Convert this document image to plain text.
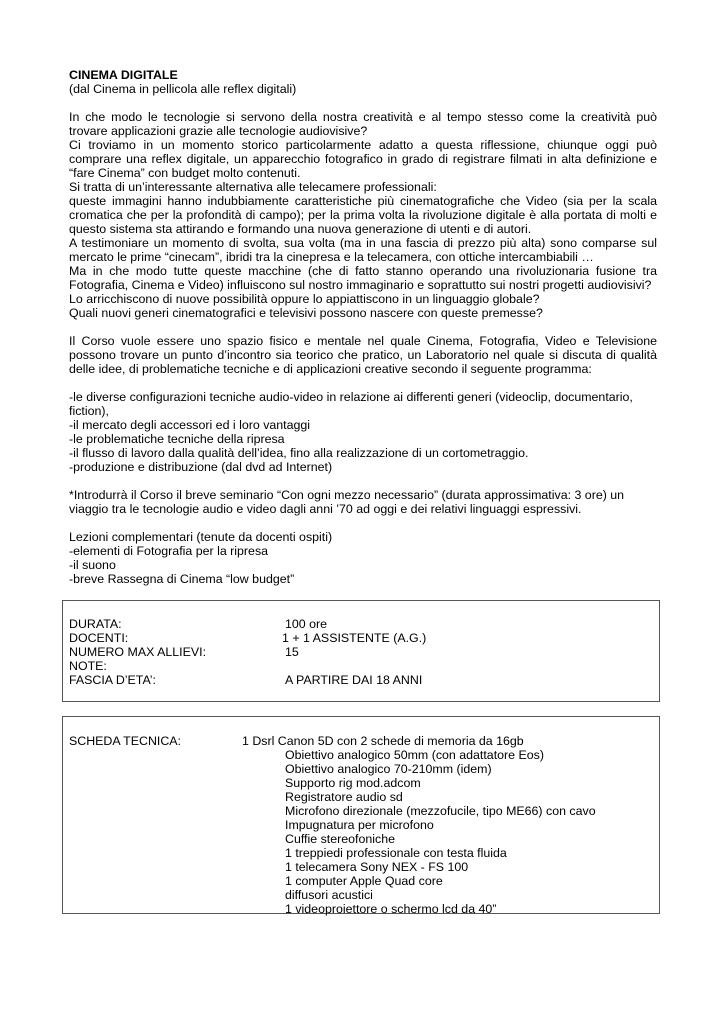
CINEMA DIGITALE

(dal Cinema in pellicola alle reflex digitali)

In che modo le tecnologie si servono della nostra creatività e al tempo stesso come la creatività può trovare applicazioni grazie alle tecnologie audiovisive?

Ci troviamo in un momento storico particolarmente adatto a questa riflessione, chiunque oggi può comprare una reflex digitale, un apparecchio fotografico in grado di registrare filmati in alta definizione e “fare Cinema” con budget molto contenuti.

Si tratta di un’interessante alternativa alle telecamere professionali:

queste immagini hanno indubbiamente caratteristiche più cinematografiche che Video (sia per la scala cromatica che per la profondità di campo); per la prima volta la rivoluzione digitale è alla portata di molti e questo sistema sta attirando e formando una nuova generazione di utenti e di autori.

A testimoniare un momento di svolta, sua volta (ma in una fascia di prezzo più alta) sono comparse sul mercato le prime “cinecam”, ibridi tra la cinepresa e la telecamera, con ottiche intercambiabili …

Ma in che modo tutte queste macchine (che di fatto stanno operando una rivoluzionaria fusione tra Fotografia, Cinema e Video) influiscono sul nostro immaginario e soprattutto sui nostri progetti audiovisivi?

Lo arricchiscono di nuove possibilità oppure lo appiattiscono in un linguaggio globale?

Quali nuovi generi cinematografici e televisivi possono nascere con queste premesse?

Il Corso vuole essere uno spazio fisico e mentale nel quale Cinema, Fotografia, Video e Televisione possono trovare un punto d’incontro sia teorico che pratico, un Laboratorio nel quale si discuta di qualità delle idee, di problematiche tecniche e di applicazioni creative secondo il seguente programma:

-le diverse configurazioni tecniche audio-video in relazione ai differenti generi (videoclip, documentario, fiction),

-il mercato degli accessori ed i loro vantaggi

-le problematiche tecniche della ripresa

-il flusso di lavoro dalla qualità dell’idea, fino alla realizzazione di un cortometraggio.

-produzione e distribuzione (dal dvd ad Internet)

*Introdurrà il Corso il breve seminario “Con ogni mezzo necessario” (durata approssimativa: 3 ore) un viaggio tra le tecnologie audio e video dagli anni ’70 ad oggi e dei relativi linguaggi espressivi.

Lezioni complementari (tenute da docenti ospiti)

-elementi di Fotografia per la ripresa

-il suono

-breve Rassegna di Cinema “low budget”

DURATA:	100 ore
DOCENTI:	1 + 1 ASSISTENTE (A.G.)
NUMERO MAX ALLIEVI:	15
NOTE:
FASCIA D’ETA’:	A PARTIRE DAI 18 ANNI
SCHEDA TECNICA:	1 Dsrl Canon 5D con 2 schede di memoria da 16gb
Obiettivo analogico 50mm (con adattatore Eos)
Obiettivo analogico 70-210mm (idem)
Supporto rig mod.adcom
Registratore audio sd
Microfono direzionale (mezzofucile, tipo ME66) con cavo
Impugnatura per microfono
Cuffie stereofoniche
1 treppiedi professionale con testa fluida
1 telecamera Sony NEX - FS 100
1 computer Apple Quad core
diffusori acustici
1 videoproiettore o schermo lcd da 40”
